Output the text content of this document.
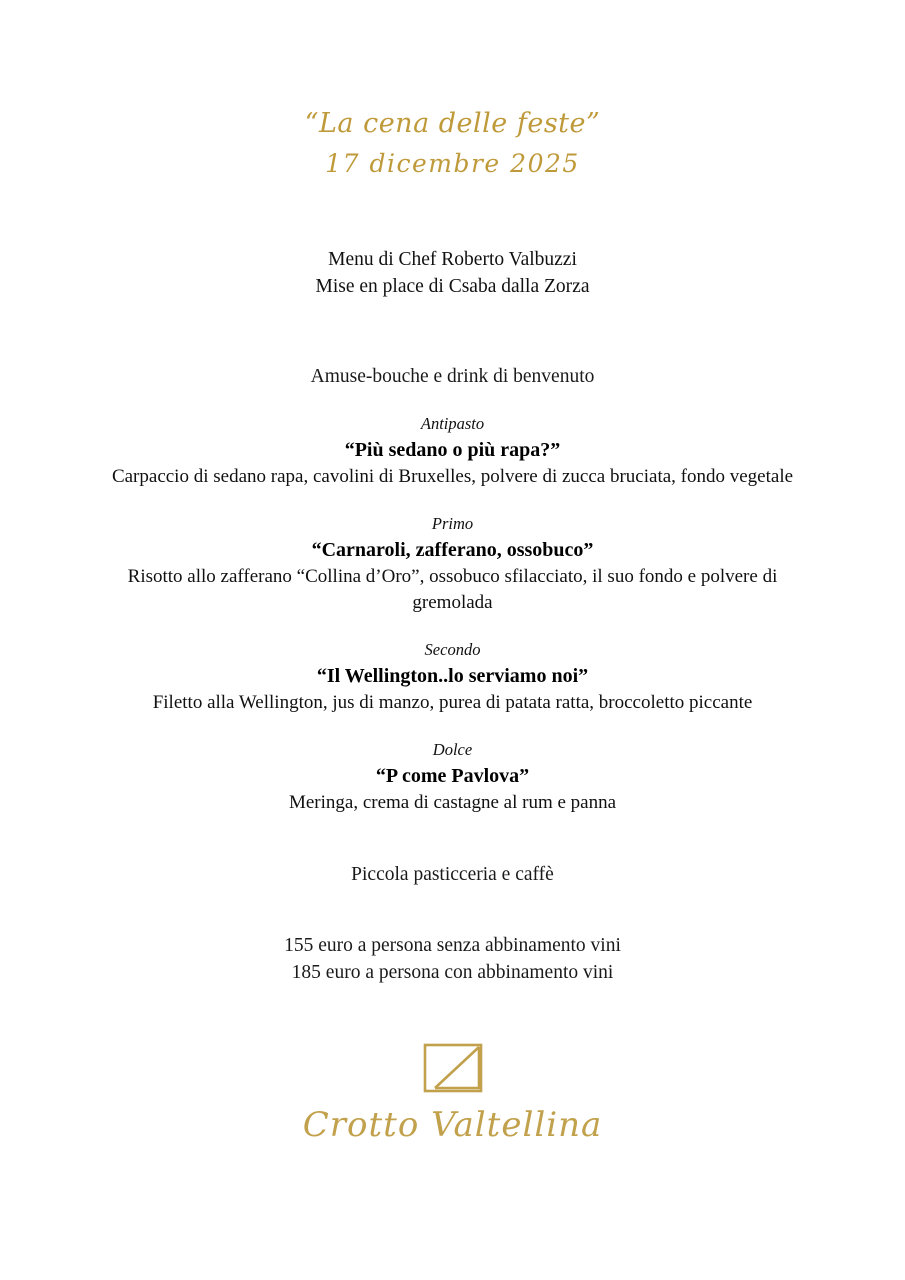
“La cena delle feste”
17 dicembre 2025
Menu di Chef Roberto Valbuzzi
Mise en place di Csaba dalla Zorza
Amuse-bouche e drink di benvenuto
Antipasto
“Più sedano o più rapa?”
Carpaccio di sedano rapa, cavolini di Bruxelles, polvere di zucca bruciata, fondo vegetale
Primo
“Carnaroli, zafferano, ossobuco”
Risotto allo zafferano “Collina d’Oro”, ossobuco sfilacciato, il suo fondo e polvere di gremolada
Secondo
“Il Wellington..lo serviamo noi”
Filetto alla Wellington, jus di manzo, purea di patata ratta, broccoletto piccante
Dolce
“P come Pavlova”
Meringa, crema di castagne al rum e panna
Piccola pasticceria e caffè
155 euro a persona senza abbinamento vini
185 euro a persona con abbinamento vini
Crotto Valtellina
